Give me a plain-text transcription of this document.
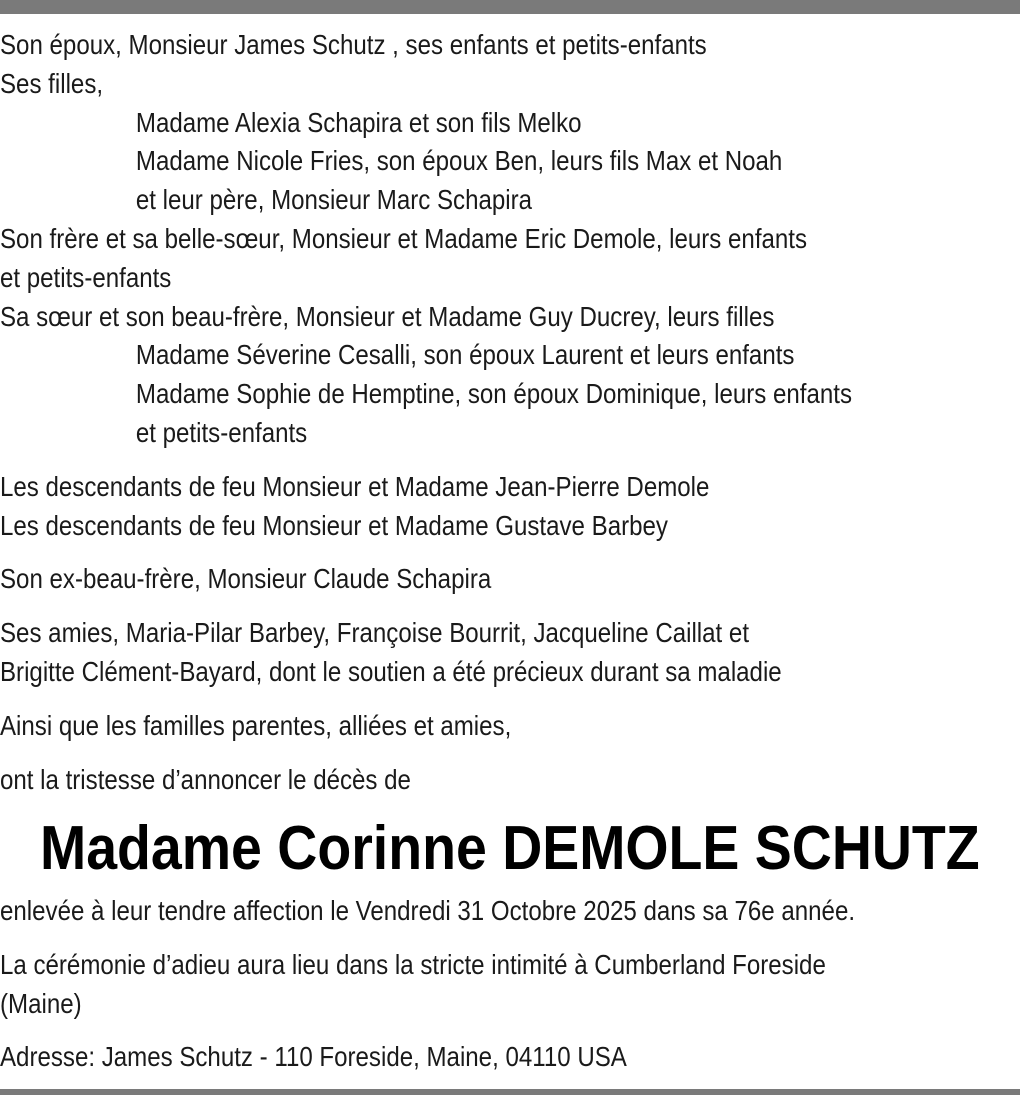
Son époux, Monsieur James Schutz , ses enfants et petits-enfants
Ses filles,
Madame Alexia Schapira et son fils Melko
Madame Nicole Fries, son époux Ben, leurs fils Max et Noah
et leur père, Monsieur Marc Schapira
Son frère et sa belle-sœur, Monsieur et Madame Eric Demole, leurs enfants
et petits-enfants
Sa sœur et son beau-frère, Monsieur et Madame Guy Ducrey, leurs filles
Madame Séverine Cesalli, son époux Laurent et leurs enfants
Madame Sophie de Hemptine, son époux Dominique, leurs enfants
et petits-enfants
Les descendants de feu Monsieur et Madame Jean-Pierre Demole
Les descendants de feu Monsieur et Madame Gustave Barbey
Son ex-beau-frère, Monsieur Claude Schapira
Ses amies, Maria-Pilar Barbey, Françoise Bourrit, Jacqueline Caillat et
Brigitte Clément-Bayard, dont le soutien a été précieux durant sa maladie
Ainsi que les familles parentes, alliées et amies,
ont la tristesse d’annoncer le décès de
Madame Corinne DEMOLE SCHUTZ
enlevée à leur tendre affection le Vendredi 31 Octobre 2025 dans sa 76e année.
La cérémonie d’adieu aura lieu dans la stricte intimité à Cumberland Foreside
(Maine)
Adresse: James Schutz - 110 Foreside, Maine, 04110 USA
